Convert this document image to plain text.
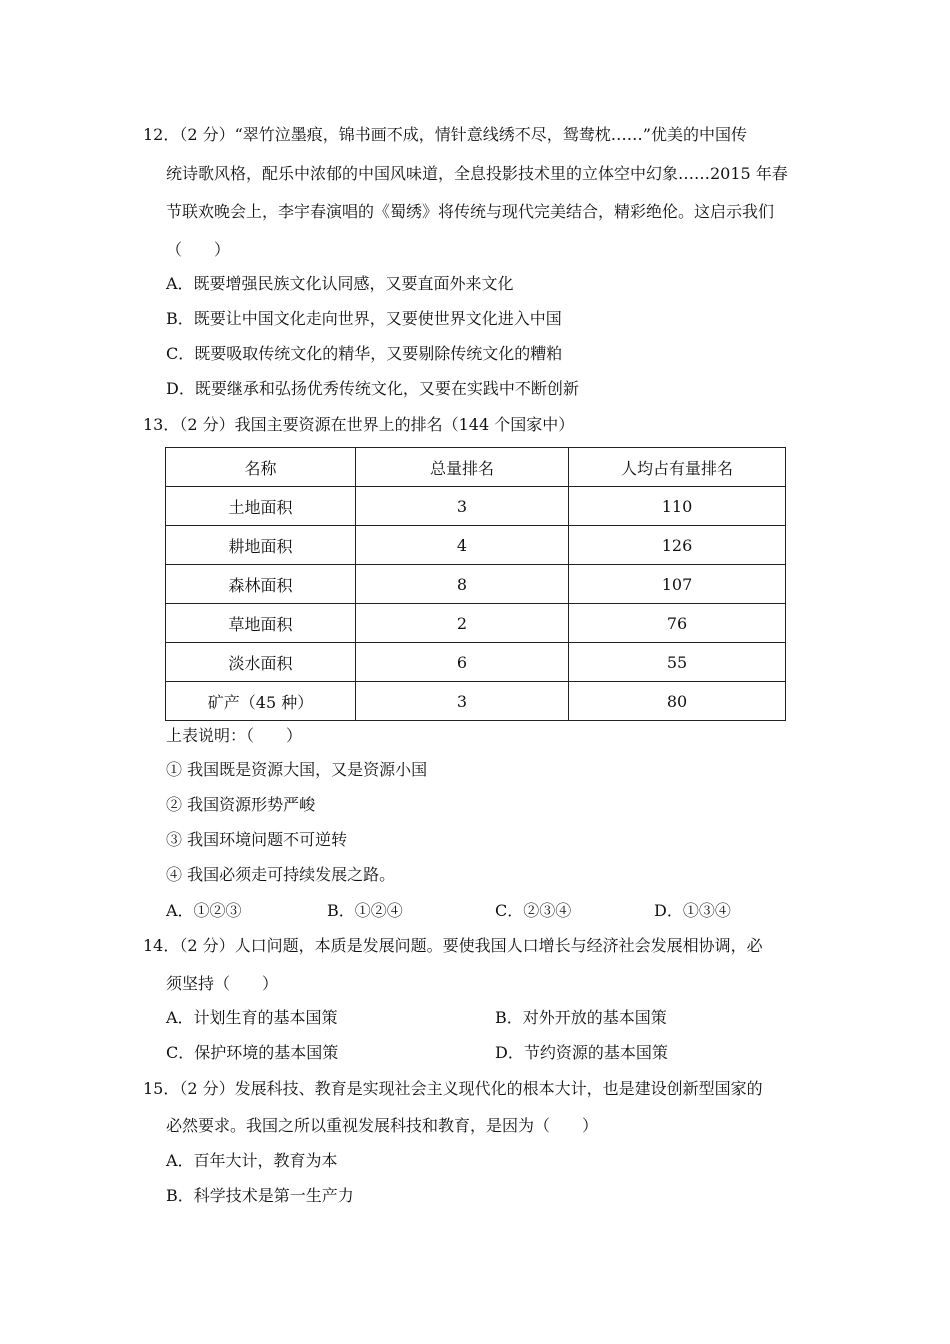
12．（2 分）“翠竹泣墨痕，锦书画不成，情针意线绣不尽，鸳鸯枕……”优美的中国传
统诗歌风格，配乐中浓郁的中国风味道，全息投影技术里的立体空中幻象……2015 年春
节联欢晚会上，李宇春演唱的《蜀绣》将传统与现代完美结合，精彩绝伦。这启示我们
（　　）
A．既要增强民族文化认同感，又要直面外来文化
B．既要让中国文化走向世界，又要使世界文化进入中国
C．既要吸取传统文化的精华，又要剔除传统文化的糟粕
D．既要继承和弘扬优秀传统文化，又要在实践中不断创新
13．（2 分）我国主要资源在世界上的排名（144 个国家中）
名称	总量排名	人均占有量排名
土地面积	3	110
耕地面积	4	126
森林面积	8	107
草地面积	2	76
淡水面积	6	55
矿产（45 种）	3	80
上表说明：（　　）
① 我国既是资源大国，又是资源小国
② 我国资源形势严峻
③ 我国环境问题不可逆转
④ 我国必须走可持续发展之路。
A．①②③	B．①②④	C．②③④	D．①③④
14．（2 分）人口问题，本质是发展问题。要使我国人口增长与经济社会发展相协调，必
须坚持（　　）
A．计划生育的基本国策	B．对外开放的基本国策
C．保护环境的基本国策	D．节约资源的基本国策
15．（2 分）发展科技、教育是实现社会主义现代化的根本大计，也是建设创新型国家的
必然要求。我国之所以重视发展科技和教育，是因为（　　）
A．百年大计，教育为本
B．科学技术是第一生产力
